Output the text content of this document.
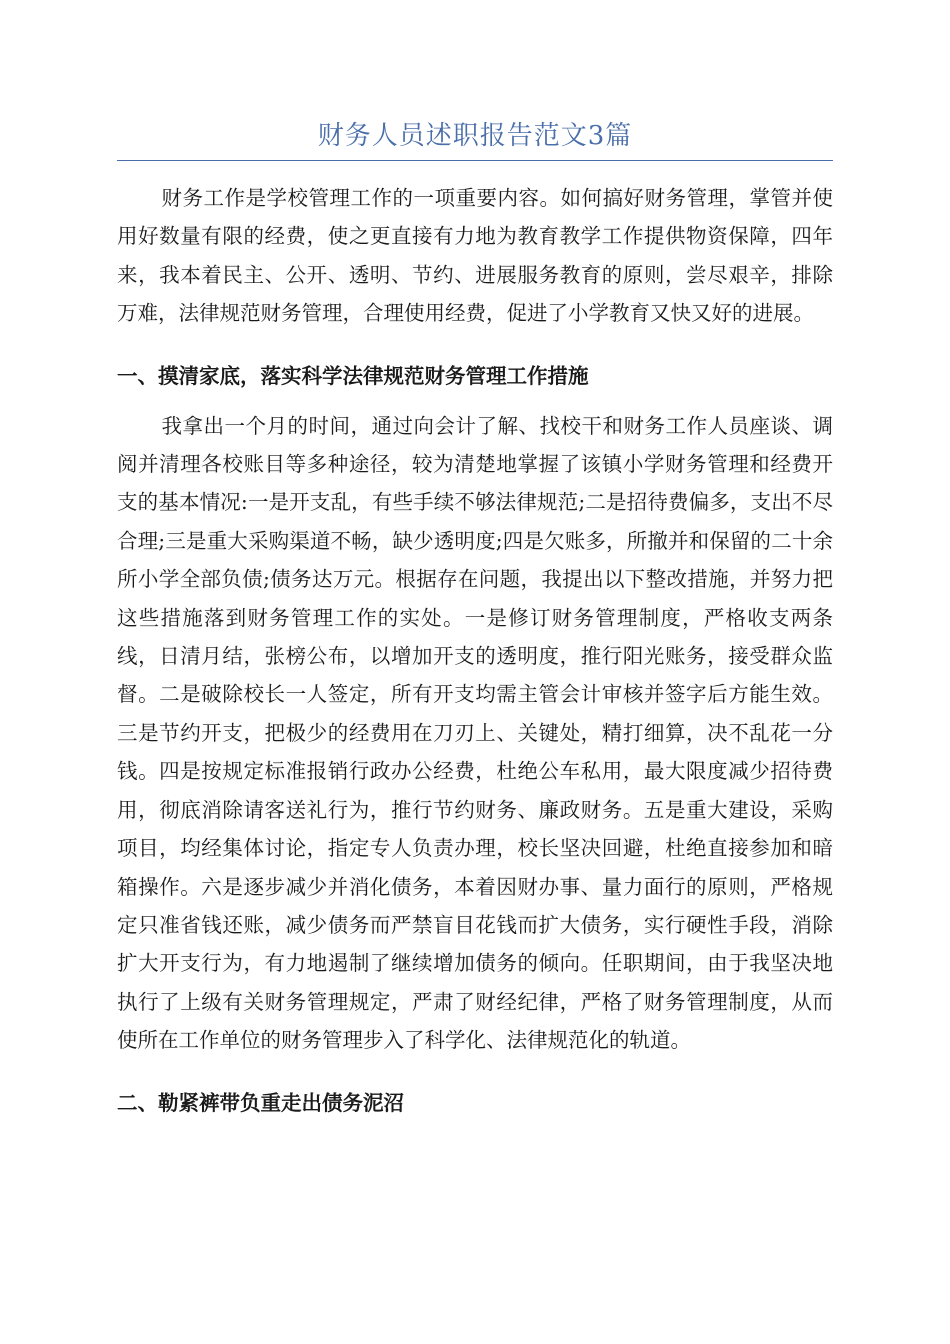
财务人员述职报告范文3篇

财务工作是学校管理工作的一项重要内容。如何搞好财务管理，掌管并使用好数量有限的经费，使之更直接有力地为教育教学工作提供物资保障，四年来，我本着民主、公开、透明、节约、进展服务教育的原则，尝尽艰辛，排除万难，法律规范财务管理，合理使用经费，促进了小学教育又快又好的进展。

一、摸清家底，落实科学法律规范财务管理工作措施

我拿出一个月的时间，通过向会计了解、找校干和财务工作人员座谈、调阅并清理各校账目等多种途径，较为清楚地掌握了该镇小学财务管理和经费开支的基本情况:一是开支乱，有些手续不够法律规范;二是招待费偏多，支出不尽合理;三是重大采购渠道不畅，缺少透明度;四是欠账多，所撤并和保留的二十余所小学全部负债;债务达万元。根据存在问题，我提出以下整改措施，并努力把这些措施落到财务管理工作的实处。一是修订财务管理制度，严格收支两条线，日清月结，张榜公布，以增加开支的透明度，推行阳光账务，接受群众监督。二是破除校长一人签定，所有开支均需主管会计审核并签字后方能生效。三是节约开支，把极少的经费用在刀刃上、关键处，精打细算，决不乱花一分钱。四是按规定标准报销行政办公经费，杜绝公车私用，最大限度减少招待费用，彻底消除请客送礼行为，推行节约财务、廉政财务。五是重大建设，采购项目，均经集体讨论，指定专人负责办理，校长坚决回避，杜绝直接参加和暗箱操作。六是逐步减少并消化债务，本着因财办事、量力面行的原则，严格规定只准省钱还账，减少债务而严禁盲目花钱而扩大债务，实行硬性手段，消除扩大开支行为，有力地遏制了继续增加债务的倾向。任职期间，由于我坚决地执行了上级有关财务管理规定，严肃了财经纪律，严格了财务管理制度，从而使所在工作单位的财务管理步入了科学化、法律规范化的轨道。

二、勒紧裤带负重走出债务泥沼
